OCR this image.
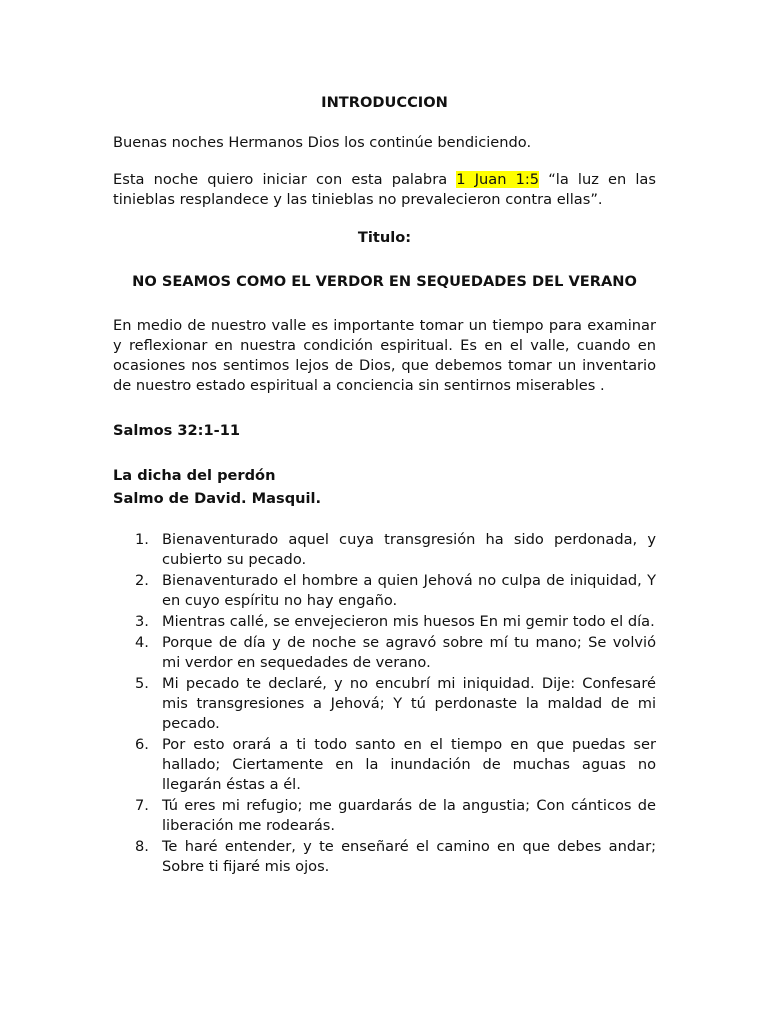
INTRODUCCION

Buenas noches Hermanos Dios los continúe bendiciendo.

Esta noche quiero iniciar con esta palabra 1 Juan 1:5 “la luz en las tinieblas resplandece y las tinieblas no prevalecieron contra ellas”.

Titulo:

NO SEAMOS COMO EL VERDOR EN SEQUEDADES DEL VERANO

En medio de nuestro valle es importante tomar un tiempo para examinar y reflexionar en nuestra condición espiritual. Es en el valle, cuando en ocasiones nos sentimos lejos de Dios, que debemos tomar un inventario de nuestro estado espiritual a conciencia sin sentirnos miserables .

Salmos 32:1-11

La dicha del perdón

Salmo de David. Masquil.

1. Bienaventurado aquel cuya transgresión ha sido perdonada, y cubierto su pecado.
2. Bienaventurado el hombre a quien Jehová no culpa de iniquidad, Y en cuyo espíritu no hay engaño.
3. Mientras callé, se envejecieron mis huesos En mi gemir todo el día.
4. Porque de día y de noche se agravó sobre mí tu mano; Se volvió mi verdor en sequedades de verano.
5. Mi pecado te declaré, y no encubrí mi iniquidad. Dije: Confesaré mis transgresiones a Jehová; Y tú perdonaste la maldad de mi pecado.
6. Por esto orará a ti todo santo en el tiempo en que puedas ser hallado; Ciertamente en la inundación de muchas aguas no llegarán éstas a él.
7. Tú eres mi refugio; me guardarás de la angustia; Con cánticos de liberación me rodearás.
8. Te haré entender, y te enseñaré el camino en que debes andar; Sobre ti fijaré mis ojos.
